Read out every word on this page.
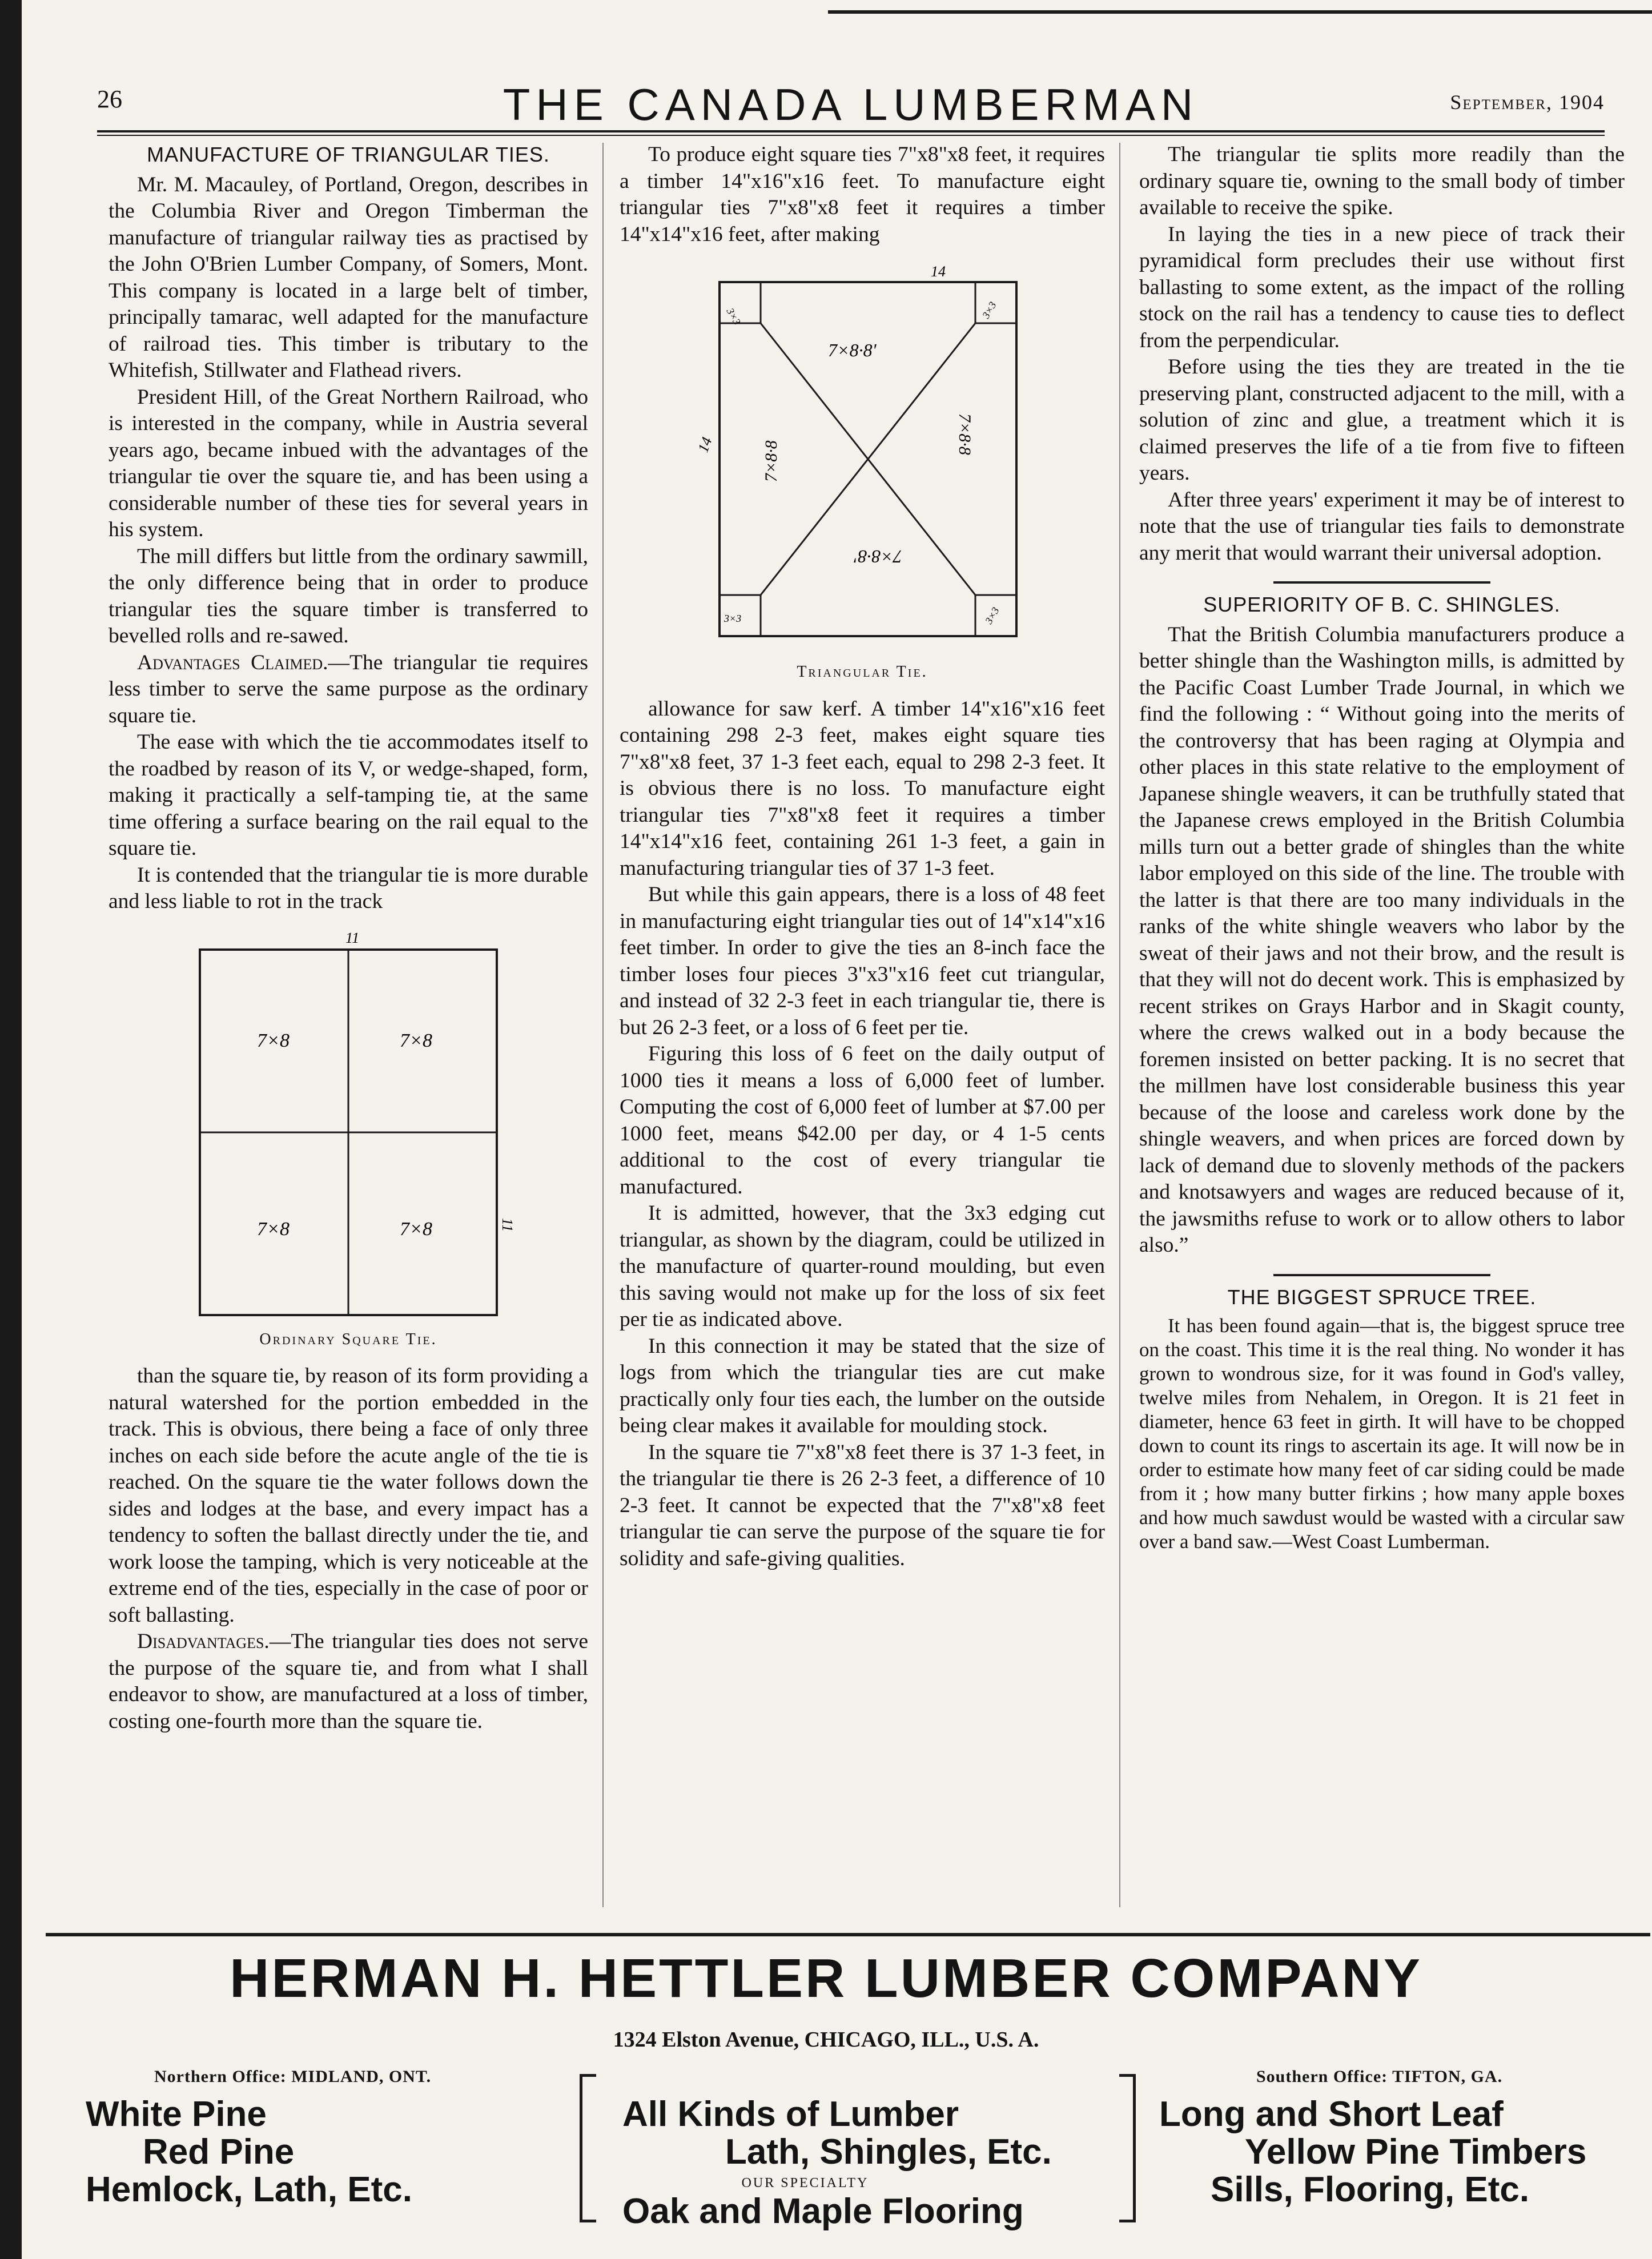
26	THE CANADA LUMBERMAN	September, 1904
MANUFACTURE OF TRIANGULAR TIES.

Mr. M. Macauley, of Portland, Oregon, describes in the Columbia River and Oregon Timberman the manufacture of triangular railway ties as practised by the John O'Brien Lumber Company, of Somers, Mont. This company is located in a large belt of timber, principally tamarac, well adapted for the manufacture of railroad ties. This timber is tributary to the Whitefish, Stillwater and Flathead rivers.

President Hill, of the Great Northern Railroad, who is interested in the company, while in Austria several years ago, became inbued with the advantages of the triangular tie over the square tie, and has been using a considerable number of these ties for several years in his system.

The mill differs but little from the ordinary sawmill, the only difference being that in order to produce triangular ties the square timber is transferred to bevelled rolls and re-sawed.

Advantages Claimed.—The triangular tie requires less timber to serve the same purpose as the ordinary square tie.

The ease with which the tie accommodates itself to the roadbed by reason of its V, or wedge-shaped, form, making it practically a self-tamping tie, at the same time offering a surface bearing on the rail equal to the square tie.

It is contended that the triangular tie is more durable and less liable to rot in the track

11
11
7×8	7×8
7×8	7×8
Ordinary Square Tie.

than the square tie, by reason of its form providing a natural watershed for the portion embedded in the track. This is obvious, there being a face of only three inches on each side before the acute angle of the tie is reached. On the square tie the water follows down the sides and lodges at the base, and every impact has a tendency to soften the ballast directly under the tie, and work loose the tamping, which is very noticeable at the extreme end of the ties, especially in the case of poor or soft ballasting.

Disadvantages.—The triangular ties does not serve the purpose of the square tie, and from what I shall endeavor to show, are manufactured at a loss of timber, costing one-fourth more than the square tie.

To produce eight square ties 7"x8"x8 feet, it requires a timber 14"x16"x16 feet. To manufacture eight triangular ties 7"x8"x8 feet it requires a timber 14"x14"x16 feet, after making

14
14
7×8·8'
7×8·8
7×8·8
7×8·8'
3×3	3×3
3×3	3×3
Triangular Tie.

allowance for saw kerf. A timber 14"x16"x16 feet containing 298 2-3 feet, makes eight square ties 7"x8"x8 feet, 37 1-3 feet each, equal to 298 2-3 feet. It is obvious there is no loss. To manufacture eight triangular ties 7"x8"x8 feet it requires a timber 14"x14"x16 feet, containing 261 1-3 feet, a gain in manufacturing triangular ties of 37 1-3 feet.

But while this gain appears, there is a loss of 48 feet in manufacturing eight triangular ties out of 14"x14"x16 feet timber. In order to give the ties an 8-inch face the timber loses four pieces 3"x3"x16 feet cut triangular, and instead of 32 2-3 feet in each triangular tie, there is but 26 2-3 feet, or a loss of 6 feet per tie.

Figuring this loss of 6 feet on the daily output of 1000 ties it means a loss of 6,000 feet of lumber. Computing the cost of 6,000 feet of lumber at $7.00 per 1000 feet, means $42.00 per day, or 4 1-5 cents additional to the cost of every triangular tie manufactured.

It is admitted, however, that the 3x3 edging cut triangular, as shown by the diagram, could be utilized in the manufacture of quarter-round moulding, but even this saving would not make up for the loss of six feet per tie as indicated above.

In this connection it may be stated that the size of logs from which the triangular ties are cut make practically only four ties each, the lumber on the outside being clear makes it available for moulding stock.

In the square tie 7"x8"x8 feet there is 37 1-3 feet, in the triangular tie there is 26 2-3 feet, a difference of 10 2-3 feet. It cannot be expected that the 7"x8"x8 feet triangular tie can serve the purpose of the square tie for solidity and safe-giving qualities.

The triangular tie splits more readily than the ordinary square tie, owning to the small body of timber available to receive the spike.

In laying the ties in a new piece of track their pyramidical form precludes their use without first ballasting to some extent, as the impact of the rolling stock on the rail has a tendency to cause ties to deflect from the perpendicular.

Before using the ties they are treated in the tie preserving plant, constructed adjacent to the mill, with a solution of zinc and glue, a treatment which it is claimed preserves the life of a tie from five to fifteen years.

After three years' experiment it may be of interest to note that the use of triangular ties fails to demonstrate any merit that would warrant their universal adoption.

SUPERIORITY OF B. C. SHINGLES.

That the British Columbia manufacturers produce a better shingle than the Washington mills, is admitted by the Pacific Coast Lumber Trade Journal, in which we find the following : “ Without going into the merits of the controversy that has been raging at Olympia and other places in this state relative to the employment of Japanese shingle weavers, it can be truthfully stated that the Japanese crews employed in the British Columbia mills turn out a better grade of shingles than the white labor employed on this side of the line. The trouble with the latter is that there are too many individuals in the ranks of the white shingle weavers who labor by the sweat of their jaws and not their brow, and the result is that they will not do decent work. This is emphasized by recent strikes on Grays Harbor and in Skagit county, where the crews walked out in a body because the foremen insisted on better packing. It is no secret that the millmen have lost considerable business this year because of the loose and careless work done by the shingle weavers, and when prices are forced down by lack of demand due to slovenly methods of the packers and knotsawyers and wages are reduced because of it, the jawsmiths refuse to work or to allow others to labor also.”

THE BIGGEST SPRUCE TREE.

It has been found again—that is, the biggest spruce tree on the coast. This time it is the real thing. No wonder it has grown to wondrous size, for it was found in God's valley, twelve miles from Nehalem, in Oregon. It is 21 feet in diameter, hence 63 feet in girth. It will have to be chopped down to count its rings to ascertain its age. It will now be in order to estimate how many feet of car siding could be made from it ; how many butter firkins ; how many apple boxes and how much sawdust would be wasted with a circular saw over a band saw.—West Coast Lumberman.

HERMAN H. HETTLER LUMBER COMPANY
1324 Elston Avenue, CHICAGO, ILL., U.S. A.
Northern Office: MIDLAND, ONT.
White Pine
Red Pine
Hemlock, Lath, Etc.
All Kinds of Lumber
Lath, Shingles, Etc.
OUR SPECIALTY
Oak and Maple Flooring
Southern Office: TIFTON, GA.
Long and Short Leaf
Yellow Pine Timbers
Sills, Flooring, Etc.
